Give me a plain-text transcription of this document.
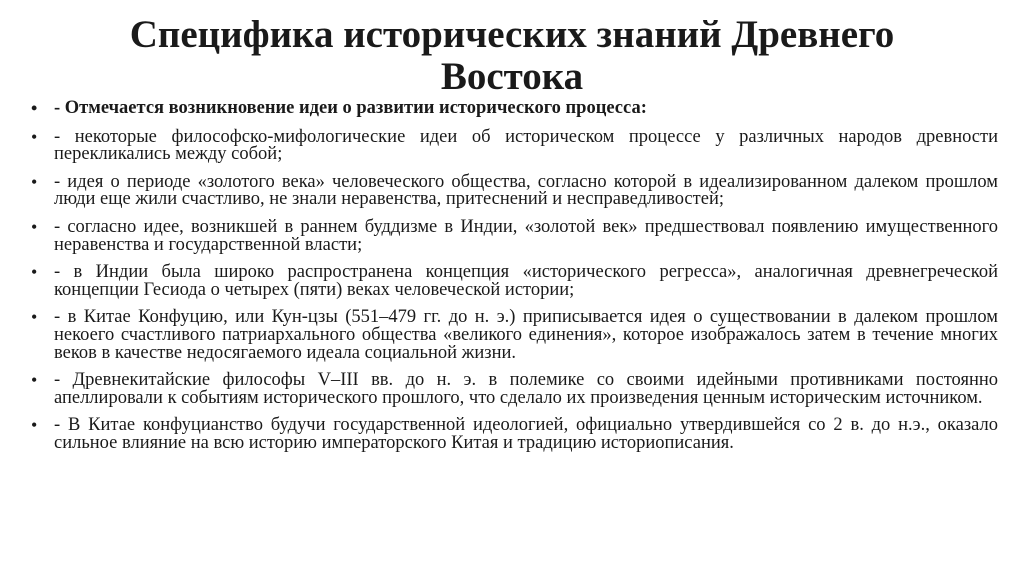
Специфика исторических знаний Древнего Востока
• - Отмечается возникновение идеи о развитии исторического процесса:
• - некоторые философско-мифологические идеи об историческом процессе у различных народов древности перекликались между собой;
• - идея о периоде «золотого века» человеческого общества, согласно которой в идеализированном далеком прошлом люди еще жили счастливо, не знали неравенства, притеснений и несправедливостей;
• - согласно идее, возникшей в раннем буддизме в Индии, «золотой век» предшествовал появлению имущественного неравенства и государственной власти;
• - в Индии была широко распространена концепция «исторического регресса», аналогичная древнегреческой концепции Гесиода о четырех (пяти) веках человеческой истории;
• - в Китае Конфуцию, или Кун-цзы (551–479 гг. до н. э.) приписывается идея о существовании в далеком прошлом некоего счастливого патриархального общества «великого единения», которое изображалось затем в течение многих веков в качестве недосягаемого идеала социальной жизни.
• - Древнекитайские философы V–III вв. до н. э. в полемике со своими идейными противниками постоянно апеллировали к событиям исторического прошлого, что сделало их произведения ценным историческим источником.
• - В Китае конфуцианство будучи государственной идеологией, официально утвердившейся со 2 в. до н.э., оказало сильное влияние на всю историю императорского Китая и традицию историописания.
